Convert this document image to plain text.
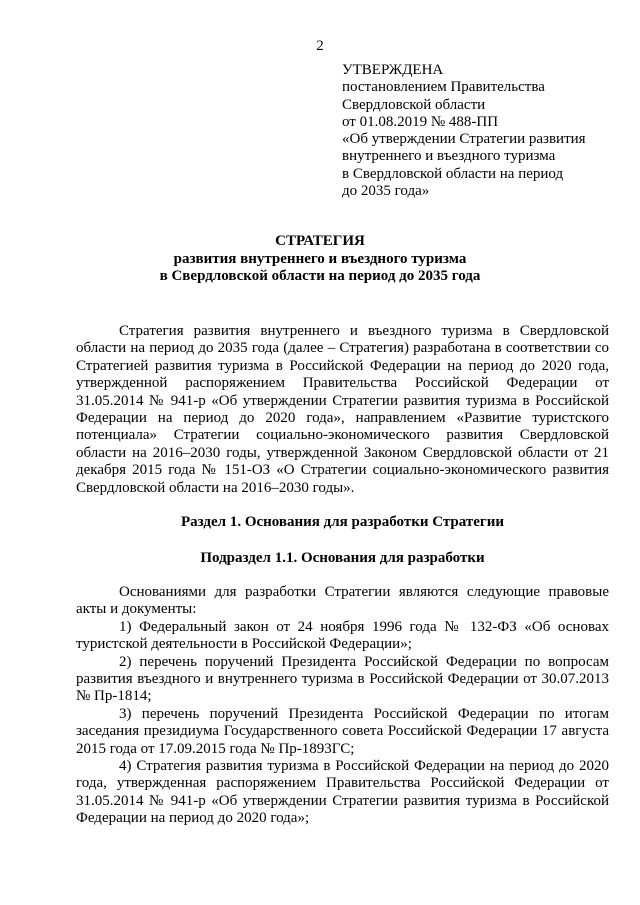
2
УТВЕРЖДЕНА
постановлением Правительства
Свердловской области
от 01.08.2019 № 488-ПП
«Об утверждении Стратегии развития
внутреннего и въездного туризма
в Свердловской области на период
до 2035 года»
СТРАТЕГИЯ
развития внутреннего и въездного туризма
в Свердловской области на период до 2035 года

Стратегия развития внутреннего и въездного туризма в Свердловской области на период до 2035 года (далее – Стратегия) разработана в соответствии со Стратегией развития туризма в Российской Федерации на период до 2020 года, утвержденной распоряжением Правительства Российской Федерации от 31.05.2014 № 941-р «Об утверждении Стратегии развития туризма в Российской Федерации на период до 2020 года», направлением «Развитие туристского потенциала» Стратегии социально-экономического развития Свердловской области на 2016–2030 годы, утвержденной Законом Свердловской области от 21 декабря 2015 года № 151-ОЗ «О Стратегии социально-экономического развития Свердловской области на 2016–2030 годы».

Раздел 1. Основания для разработки Стратегии
Подраздел 1.1. Основания для разработки

Основаниями для разработки Стратегии являются следующие правовые акты и документы:

1) Федеральный закон от 24 ноября 1996 года № 132-ФЗ «Об основах туристской деятельности в Российской Федерации»;

2) перечень поручений Президента Российской Федерации по вопросам развития въездного и внутреннего туризма в Российской Федерации от 30.07.2013 № Пр-1814;

3) перечень поручений Президента Российской Федерации по итогам заседания президиума Государственного совета Российской Федерации 17 августа 2015 года от 17.09.2015 года № Пр-1893ГС;

4) Стратегия развития туризма в Российской Федерации на период до 2020 года, утвержденная распоряжением Правительства Российской Федерации от 31.05.2014 № 941-р «Об утверждении Стратегии развития туризма в Российской Федерации на период до 2020 года»;
